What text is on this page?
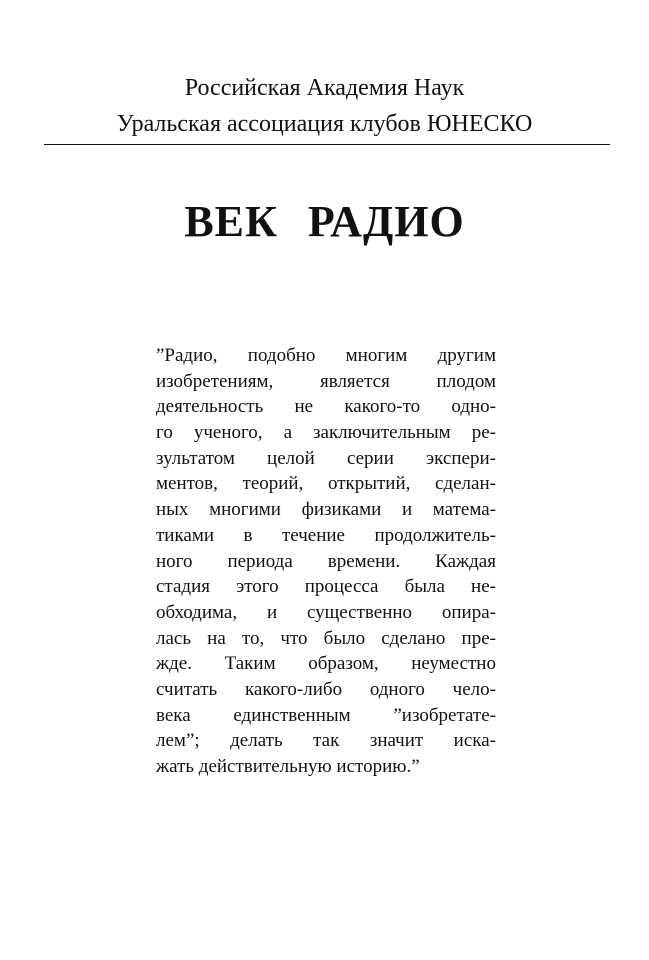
Российская Академия Наук
Уральская ассоциация клубов ЮНЕСКО
ВЕК РАДИО
”Радио, подобно многим другим
изобретениям, является плодом
деятельность не какого-то одно-
го ученого, а заключительным ре-
зультатом целой серии экспери-
ментов, теорий, открытий, сделан-
ных многими физиками и матема-
тиками в течение продолжитель-
ного периода времени. Каждая
стадия этого процесса была не-
обходима, и существенно опира-
лась на то, что было сделано пре-
жде. Таким образом, неуместно
считать какого-либо одного чело-
века единственным ”изобретате-
лем”; делать так значит иска-
жать действительную историю.”
